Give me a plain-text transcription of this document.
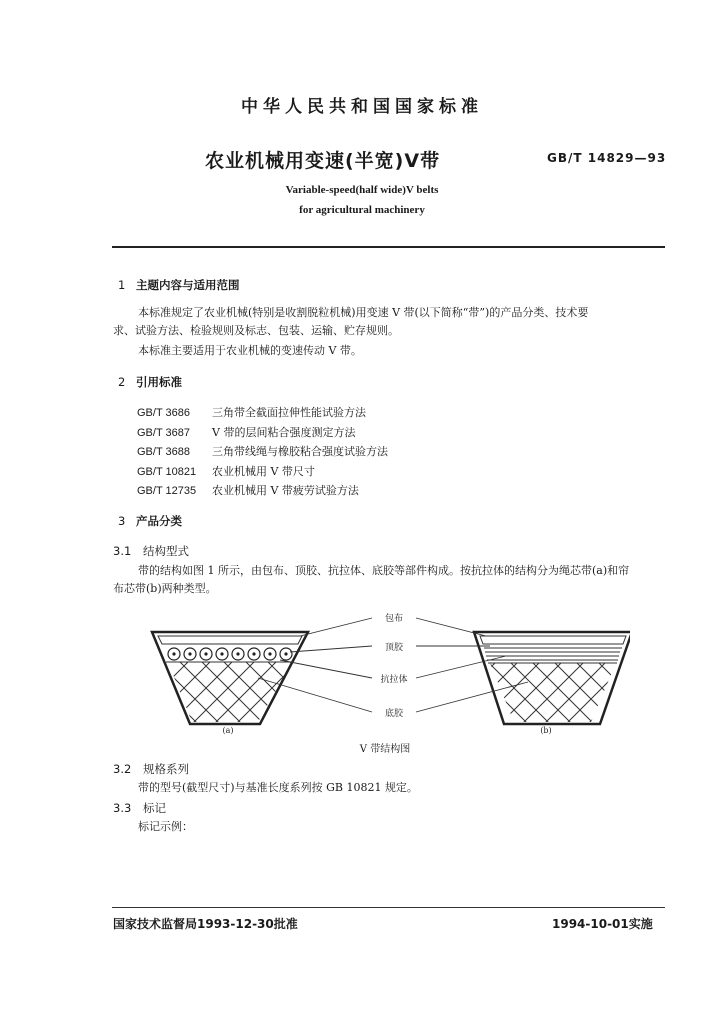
中华人民共和国国家标准
农业机械用变速(半宽)V带	GB/T 14829—93
Variable-speed(half wide)V belts
for agricultural machinery
1 主题内容与适用范围
本标准规定了农业机械(特别是收割脱粒机械)用变速 V 带(以下简称“带”)的产品分类、技术要
求、试验方法、检验规则及标志、包装、运输、贮存规则。
本标准主要适用于农业机械的变速传动 V 带。
2 引用标准
GB/T 3686 三角带全截面拉伸性能试验方法
GB/T 3687 V 带的层间粘合强度测定方法
GB/T 3688 三角带线绳与橡胶粘合强度试验方法
GB/T 10821 农业机械用 V 带尺寸
GB/T 12735 农业机械用 V 带疲劳试验方法
3 产品分类
3.1 结构型式
带的结构如图 1 所示，由包布、顶胶、抗拉体、底胶等部件构成。按抗拉体的结构分为绳芯带(a)和帘
布芯带(b)两种类型。
包布
顶胶
抗拉体
底胶
(a)	(b)
V 带结构图
3.2 规格系列
带的型号(截型尺寸)与基准长度系列按 GB 10821 规定。
3.3 标记
标记示例：
国家技术监督局1993-12-30批准	1994-10-01实施
